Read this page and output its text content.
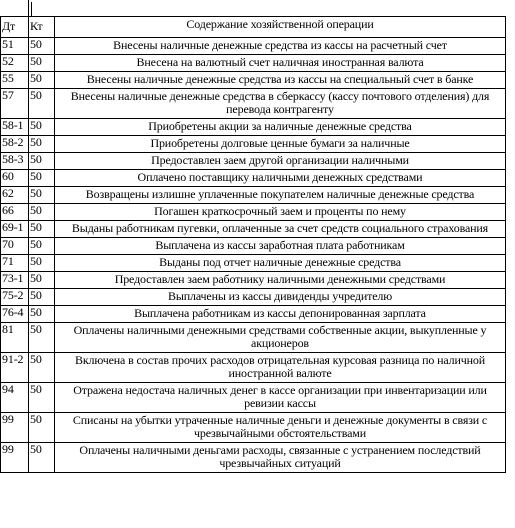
Дт	Кт	Содержание хозяйственной операции
51	50	Внесены наличные денежные средства из кассы на расчетный счет
52	50	Внесена на валютный счет наличная иностранная валюта
55	50	Внесены наличные денежные средства из кассы на специальный счет в банке
57	50	Внесены наличные денежные средства в сберкассу (кассу почтового отделения) для перевода контрагенту
58-1	50	Приобретены акции за наличные денежные средства
58-2	50	Приобретены долговые ценные бумаги за наличные
58-3	50	Предоставлен заем другой организации наличными
60	50	Оплачено поставщику наличными денежных средствами
62	50	Возвращены излишне уплаченные покупателем наличные денежные средства
66	50	Погашен краткосрочный заем и проценты по нему
69-1	50	Выданы работникам пугевки, оплаченные за счет средств социального страхования
70	50	Выплачена из кассы заработная плата работникам
71	50	Выданы под отчет наличные денежные средства
73-1	50	Предоставлен заем работнику наличными денежными средствами
75-2	50	Выплачены из кассы дивиденды учредителю
76-4	50	Выплачена работникам из кассы депонированная зарплата
81	50	Оплачены наличными денежными средствами собственные акции, выкупленные у акционеров
91-2	50	Включена в состав прочих расходов отрицательная курсовая разница по наличной иностранной валюте
94	50	Отражена недостача наличных денег в кассе организации при инвентаризации или ревизии кассы
99	50	Списаны на убытки утраченные наличные деньги и денежные документы в связи с чрезвычайными обстоятельствами
99	50	Оплачены наличными деньгами расходы, связанные с устранением последствий чрезвычайных ситуаций
